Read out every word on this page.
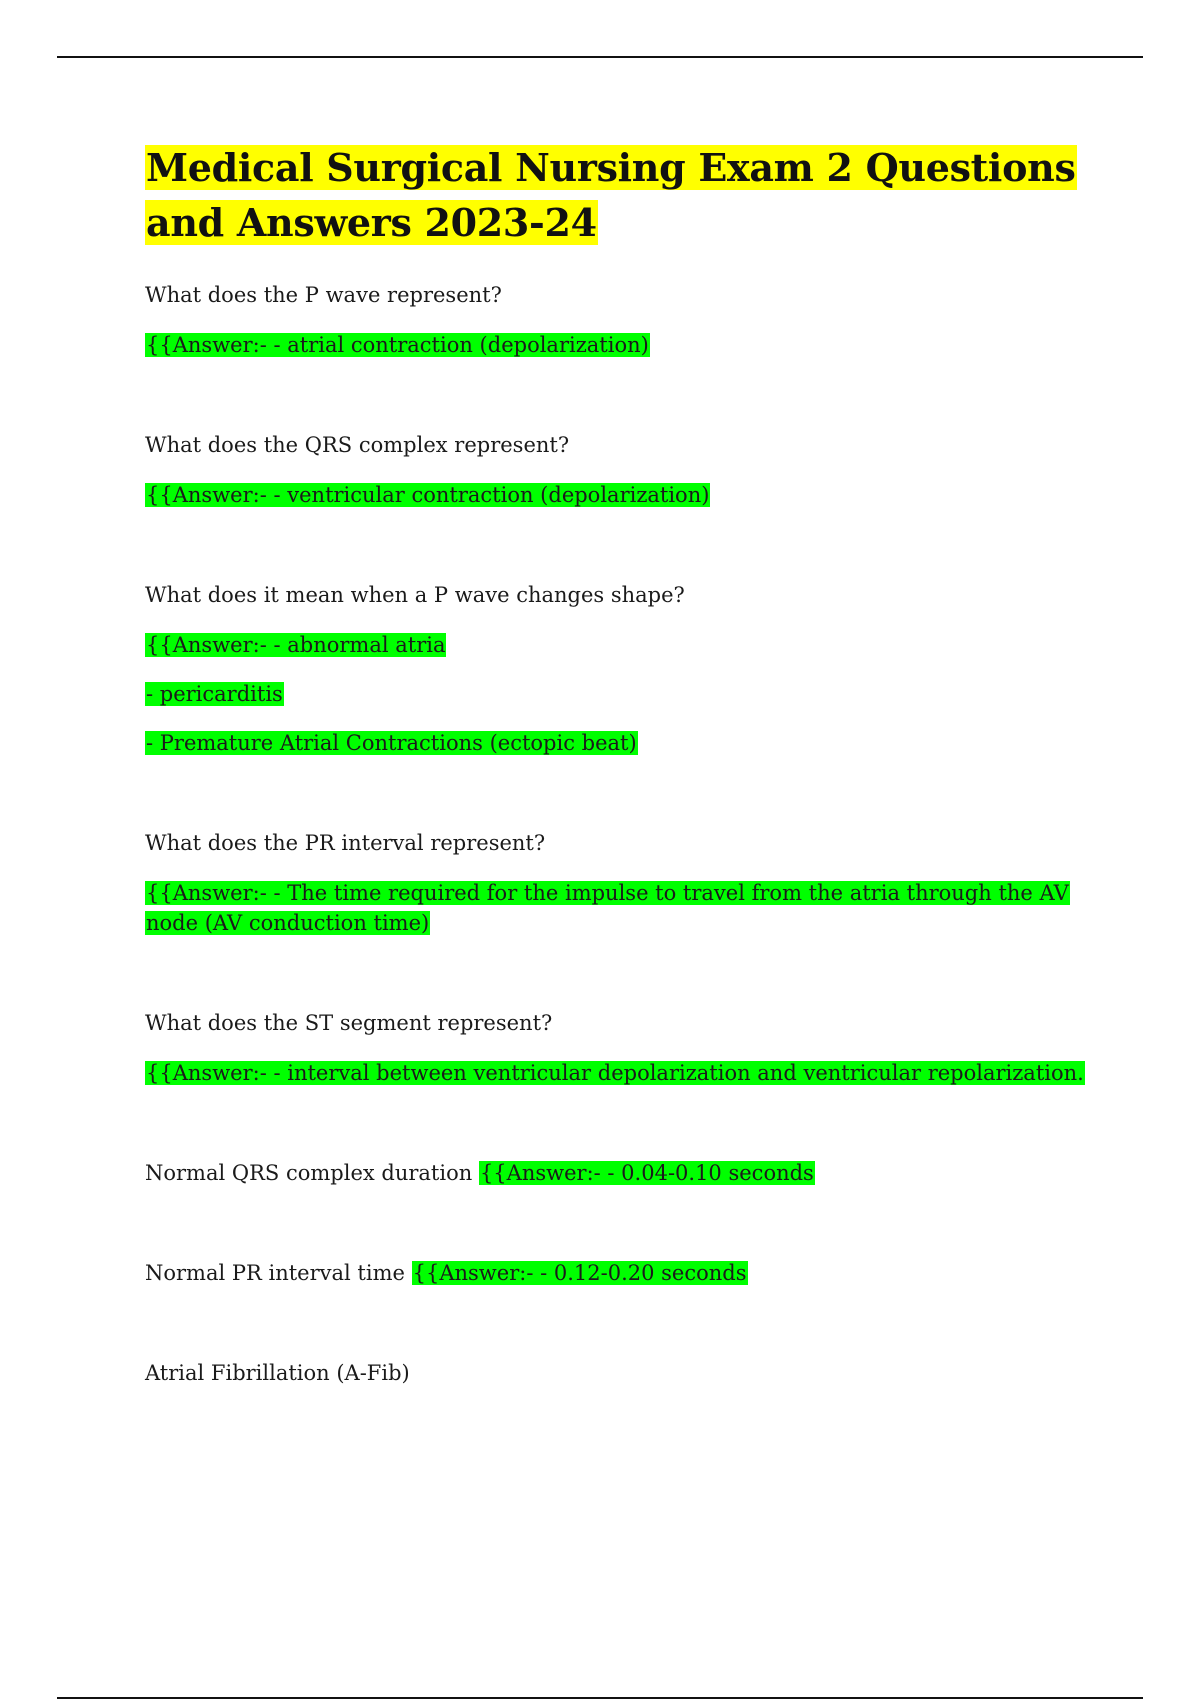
Medical Surgical Nursing Exam 2 Questions and Answers 2023-24

What does the P wave represent?

{{Answer:- - atrial contraction (depolarization)

What does the QRS complex represent?

{{Answer:- - ventricular contraction (depolarization)

What does it mean when a P wave changes shape?

{{Answer:- - abnormal atria

- pericarditis

- Premature Atrial Contractions (ectopic beat)

What does the PR interval represent?

{{Answer:- - The time required for the impulse to travel from the atria through the AV node (AV conduction time)

What does the ST segment represent?

{{Answer:- - interval between ventricular depolarization and ventricular repolarization.

Normal QRS complex duration {{Answer:- - 0.04-0.10 seconds

Normal PR interval time {{Answer:- - 0.12-0.20 seconds

Atrial Fibrillation (A-Fib)
